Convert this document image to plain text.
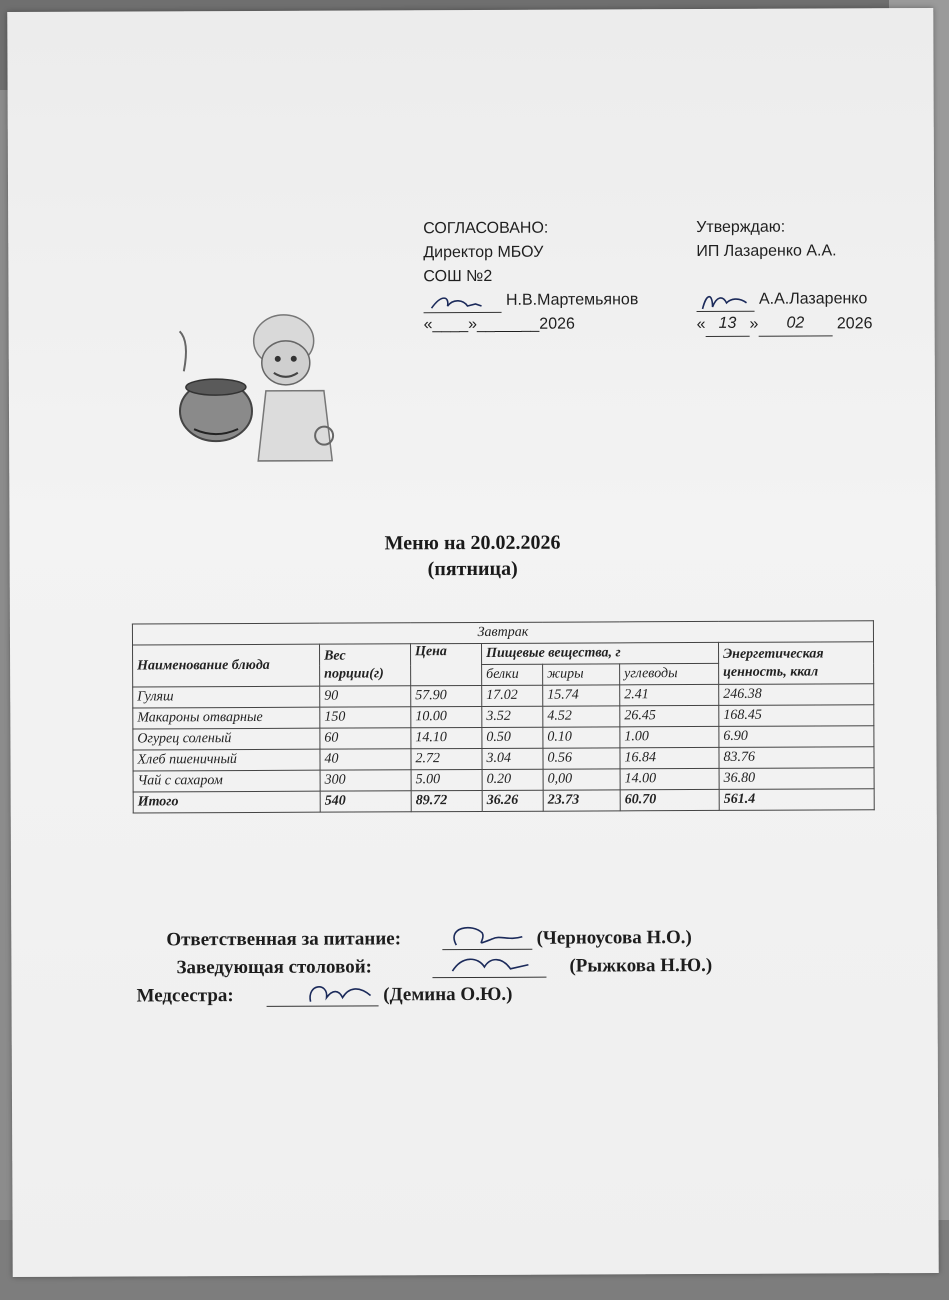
СОГЛАСОВАНО:
Директор МБОУ
СОШ №2
Н.В.Мартемьянов
«____»_______2026
Утверждаю:
ИП Лазаренко А.А.
А.А.Лазаренко
« 13 » 02 2026
Меню на 20.02.2026
(пятница)
Завтрак						
Наименование блюда	Вес порции(г)	Цена	Пищевые вещества, г			Энергетическая ценность, ккал
			белки	жиры	углеводы	
Гуляш	90	57.90	17.02	15.74	2.41	246.38
Макароны отварные	150	10.00	3.52	4.52	26.45	168.45
Огурец соленый	60	14.10	0.50	0.10	1.00	6.90
Хлеб пшеничный	40	2.72	3.04	0.56	16.84	83.76
Чай с сахаром	300	5.00	0.20	0,00	14.00	36.80
Итого	540	89.72	36.26	23.73	60.70	561.4
Ответственная за питание:	(Черноусова Н.О.)
Заведующая столовой:	(Рыжкова Н.Ю.)
Медсестра:	(Демина О.Ю.)
